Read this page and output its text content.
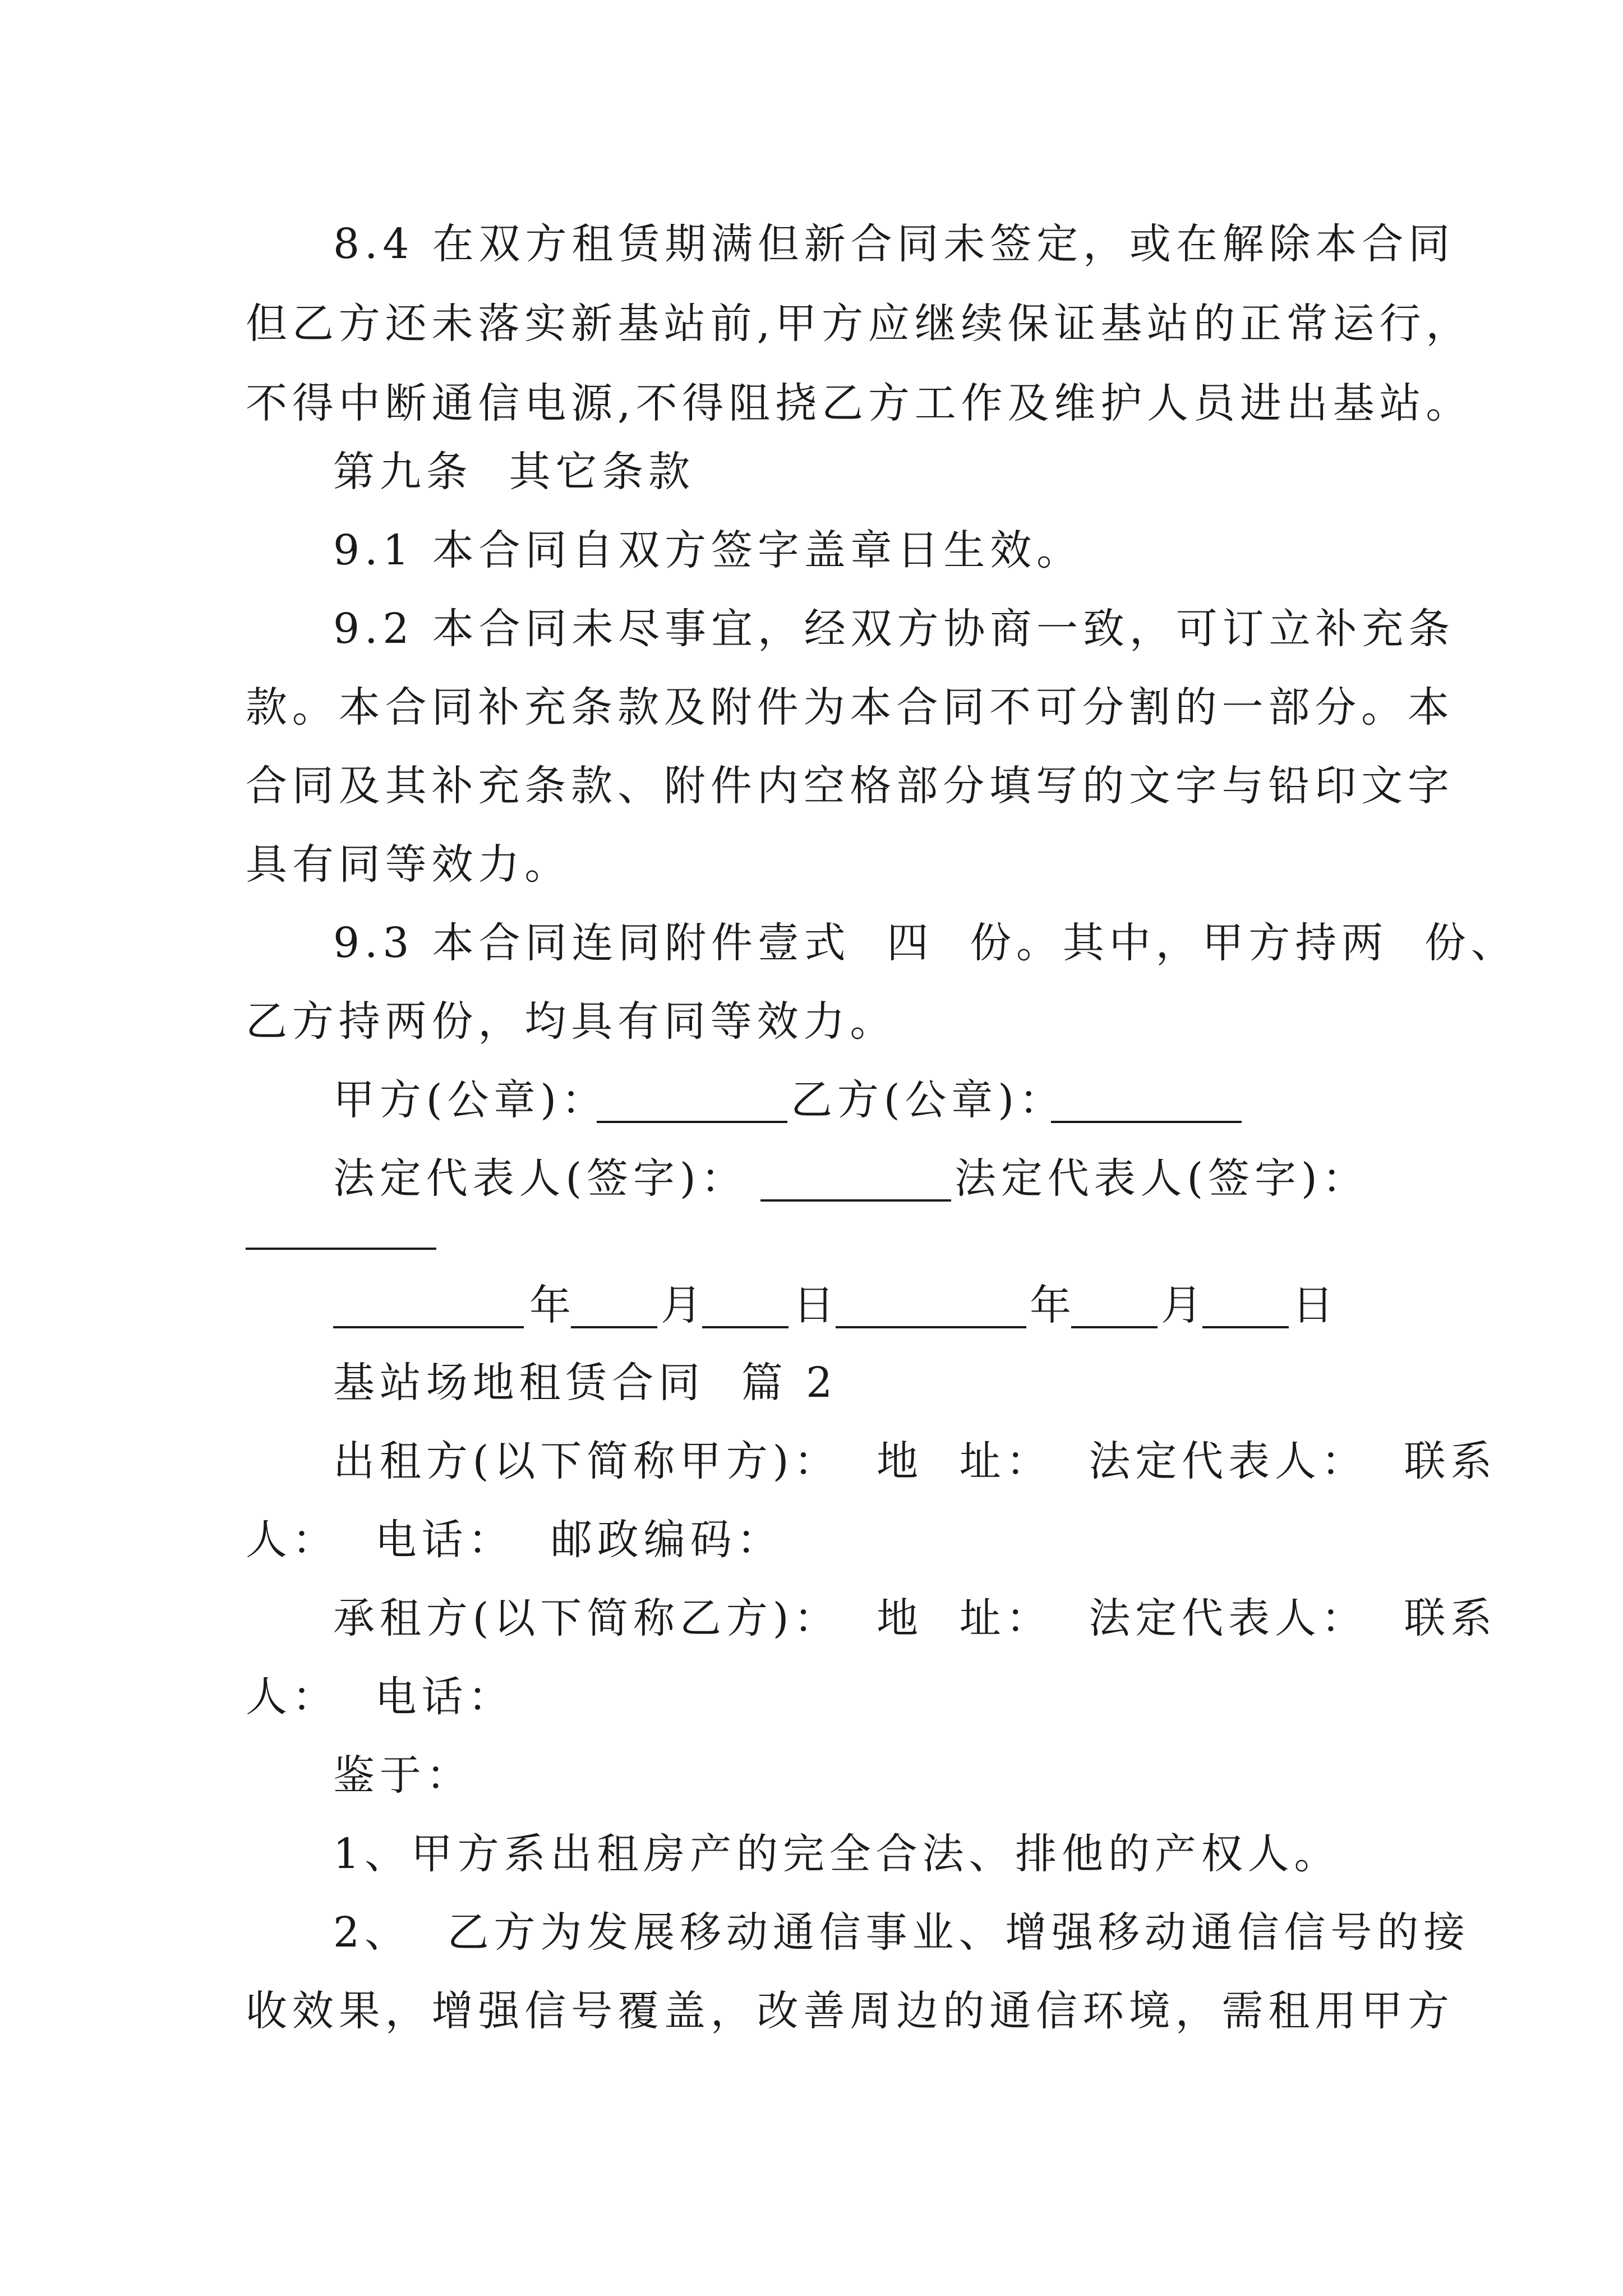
8.4 在双方租赁期满但新合同未签定，或在解除本合同
但乙方还未落实新基站前,甲方应继续保证基站的正常运行，
不得中断通信电源,不得阻挠乙方工作及维护人员进出基站。
第九条  其它条款
9.1 本合同自双方签字盖章日生效。
9.2 本合同未尽事宜，经双方协商一致，可订立补充条
款。本合同补充条款及附件为本合同不可分割的一部分。本
合同及其补充条款、附件内空格部分填写的文字与铅印文字
具有同等效力。
9.3 本合同连同附件壹式  四  份。其中，甲方持两  份、
乙方持两份，均具有同等效力。
甲方(公章)：	乙方(公章)：
法定代表人(签字)：	法定代表人(签字)：
年 月 日	年 月 日
基站场地租赁合同  篇 2
出租方(以下简称甲方)：  地  址：  法定代表人：  联系
人：  电话：  邮政编码：
承租方(以下简称乙方)：  地  址：  法定代表人：  联系
人：  电话：
鉴于：
1、甲方系出租房产的完全合法、排他的产权人。
2、  乙方为发展移动通信事业、增强移动通信信号的接
收效果，增强信号覆盖，改善周边的通信环境，需租用甲方
